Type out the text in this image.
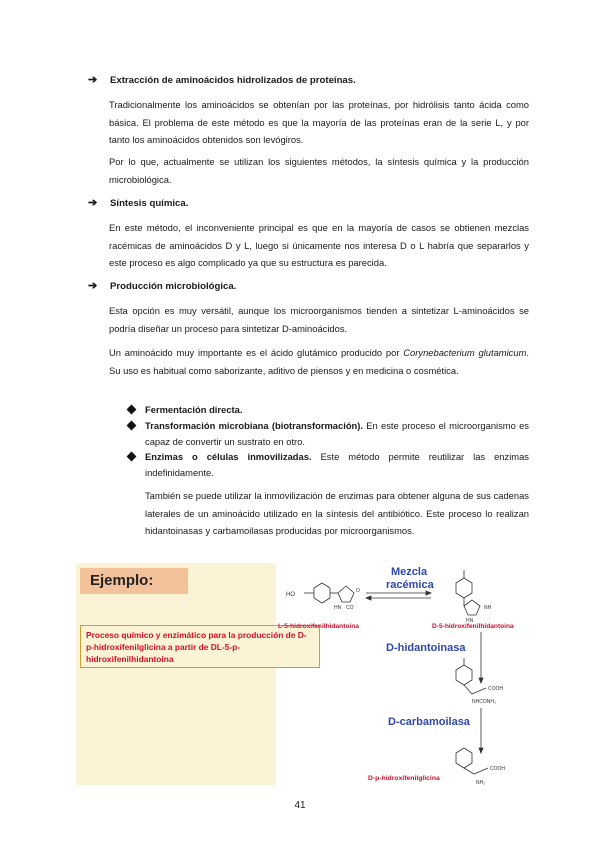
➔ Extracción de aminoácidos hidrolizados de proteínas.
Tradicionalmente los aminoácidos se obtenían por las proteínas, por hidrólisis tanto ácida como básica. El problema de este método es que la mayoría de las proteínas eran de la serie L, y por tanto los aminoácidos obtenidos son levógiros.
Por lo que, actualmente se utilizan los siguientes métodos, la síntesis química y la producción microbiológica.
➔ Síntesis química.
En este método, el inconveniente principal es que en la mayoría de casos se obtienen mezclas racémicas de aminoácidos D y L, luego si únicamente nos interesa D o L habría que separarlos y este proceso es algo complicado ya que su estructura es parecida.
➔ Producción microbiológica.
Esta opción es muy versátil, aunque los microorganismos tienden a sintetizar L-aminoácidos se podría diseñar un proceso para sintetizar D-aminoácidos.
Un aminoácido muy importante es el ácido glutámico producido por Corynebacterium glutamicum. Su uso es habitual como saborizante, aditivo de piensos y en medicina o cosmética.
Fermentación directa.
Transformación microbiana (biotransformación). En este proceso el microorganismo es capaz de convertir un sustrato en otro.
Enzimas o células inmovilizadas. Este método permite reutilizar las enzimas indefinidamente.
También se puede utilizar la inmovilización de enzimas para obtener alguna de sus cadenas laterales de un aminoácido utilizado en la síntesis del antibiótico. Este proceso lo realizan hidantoinasas y carbamoilasas producidas por microorganismos.
Ejemplo:
Proceso químico y enzimático para la producción de D-p-hidroxifenilglicina a partir de DL-5-p-hidroxifenilhidantoina
Mezcla
racémica
HO
O
HN CO
L-5-hidroxifenilhidantoina
NH
HN
D-5-hidroxifenilhidantoina
D-hidantoinasa
COOH
NHCONH₂
D-carbamoilasa
COOH
NH₂
D-p-hidroxifenilglicina
41
